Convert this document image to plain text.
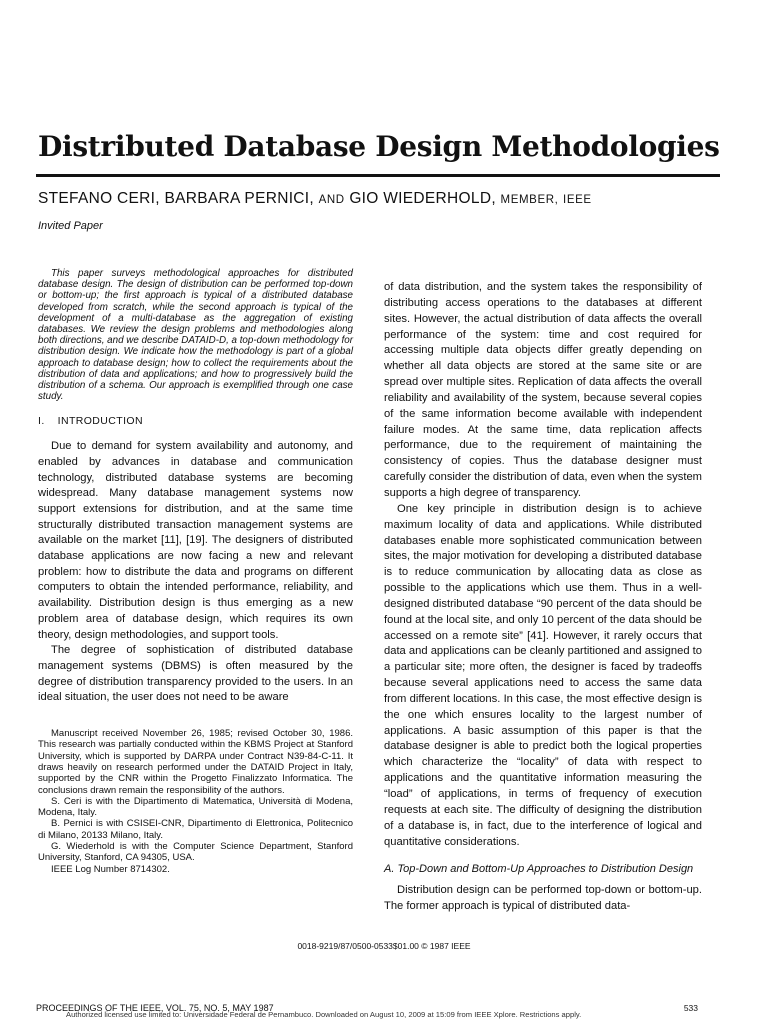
Distributed Database Design Methodologies
STEFANO CERI, BARBARA PERNICI, AND GIO WIEDERHOLD, MEMBER, IEEE
Invited Paper

This paper surveys methodological approaches for distributed database design. The design of distribution can be performed top-down or bottom-up; the first approach is typical of a distributed database developed from scratch, while the second approach is typical of the development of a multi-database as the aggregation of existing databases. We review the design problems and methodologies along both directions, and we describe DATAID-D, a top-down methodology for distribution design. We indicate how the methodology is part of a global approach to database design; how to collect the requirements about the distribution of data and applications; and how to progressively build the distribution of a schema. Our approach is exemplified through one case study.

I. INTRODUCTION

Due to demand for system availability and autonomy, and enabled by advances in database and communication technology, distributed database systems are becoming widespread. Many database management systems now support extensions for distribution, and at the same time structurally distributed transaction management systems are available on the market [11], [19]. The designers of distributed database applications are now facing a new and relevant problem: how to distribute the data and programs on different computers to obtain the intended performance, reliability, and availability. Distribution design is thus emerging as a new problem area of database design, which requires its own theory, design methodologies, and support tools.

The degree of sophistication of distributed database management systems (DBMS) is often measured by the degree of distribution transparency provided to the users. In an ideal situation, the user does not need to be aware

Manuscript received November 26, 1985; revised October 30, 1986. This research was partially conducted within the KBMS Project at Stanford University, which is supported by DARPA under Contract N39-84-C-11. It draws heavily on research performed under the DATAID Project in Italy, supported by the CNR within the Progetto Finalizzato Informatica. The conclusions drawn remain the responsibility of the authors.

S. Ceri is with the Dipartimento di Matematica, Università di Modena, Modena, Italy.

B. Pernici is with CSISEI-CNR, Dipartimento di Elettronica, Politecnico di Milano, 20133 Milano, Italy.

G. Wiederhold is with the Computer Science Department, Stanford University, Stanford, CA 94305, USA.

IEEE Log Number 8714302.

of data distribution, and the system takes the responsibility of distributing access operations to the databases at different sites. However, the actual distribution of data affects the overall performance of the system: time and cost required for accessing multiple data objects differ greatly depending on whether all data objects are stored at the same site or are spread over multiple sites. Replication of data affects the overall reliability and availability of the system, because several copies of the same information become available with independent failure modes. At the same time, data replication affects performance, due to the requirement of maintaining the consistency of copies. Thus the database designer must carefully consider the distribution of data, even when the system supports a high degree of transparency.

One key principle in distribution design is to achieve maximum locality of data and applications. While distributed databases enable more sophisticated communication between sites, the major motivation for developing a distributed database is to reduce communication by allocating data as close as possible to the applications which use them. Thus in a well-designed distributed database “90 percent of the data should be found at the local site, and only 10 percent of the data should be accessed on a remote site” [41]. However, it rarely occurs that data and applications can be cleanly partitioned and assigned to a particular site; more often, the designer is faced by tradeoffs because several applications need to access the same data from different locations. In this case, the most effective design is the one which ensures locality to the largest number of applications. A basic assumption of this paper is that the database designer is able to predict both the logical properties which characterize the “locality” of data with respect to applications and the quantitative information measuring the “load” of applications, in terms of frequency of execution requests at each site. The difficulty of designing the distribution of a database is, in fact, due to the interference of logical and quantitative considerations.

A. Top-Down and Bottom-Up Approaches to Distribution Design

Distribution design can be performed top-down or bottom-up. The former approach is typical of distributed data-

0018-9219/87/0500-0533$01.00 © 1987 IEEE
PROCEEDINGS OF THE IEEE, VOL. 75, NO. 5, MAY 1987
Authorized licensed use limited to: Universidade Federal de Pernambuco. Downloaded on August 10, 2009 at 15:09 from IEEE Xplore. Restrictions apply.
533
